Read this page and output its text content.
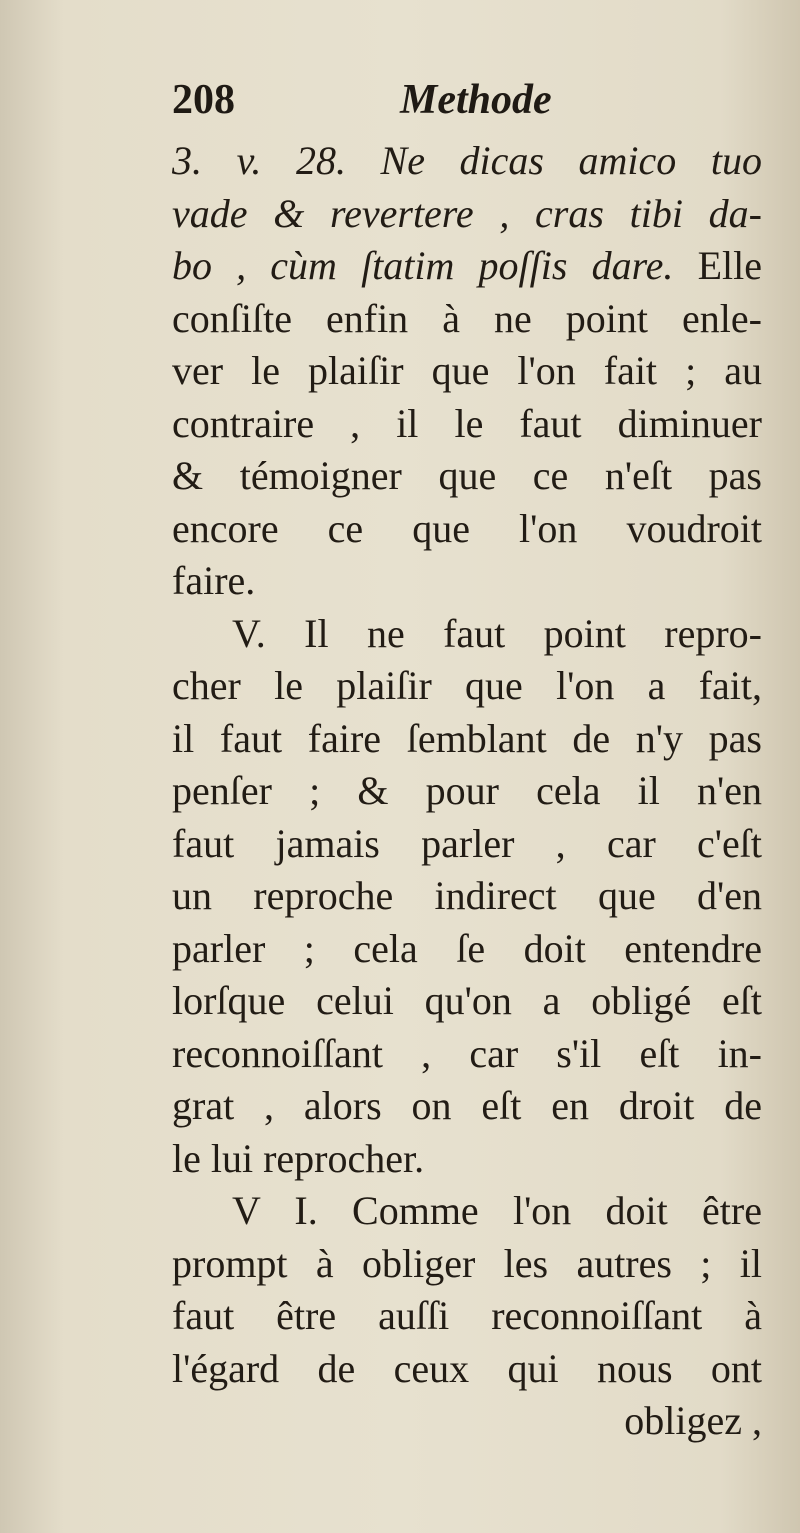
208	Methode
3. v. 28. Ne dicas amico tuo
vade & revertere , cras tibi da-
bo , cùm ſtatim poſſis dare. Elle
conſiſte enfin à ne point enle-
ver le plaiſir que l'on fait ; au
contraire , il le faut diminuer
& témoigner que ce n'eſt pas
encore ce que l'on voudroit
faire.
V. Il ne faut point repro-
cher le plaiſir que l'on a fait,
il faut faire ſemblant de n'y pas
penſer ; & pour cela il n'en
faut jamais parler , car c'eſt
un reproche indirect que d'en
parler ; cela ſe doit entendre
lorſque celui qu'on a obligé eſt
reconnoiſſant , car s'il eſt in-
grat , alors on eſt en droit de
le lui reprocher.
V I. Comme l'on doit être
prompt à obliger les autres ; il
faut être auſſi reconnoiſſant à
l'égard de ceux qui nous ont
obligez ,
